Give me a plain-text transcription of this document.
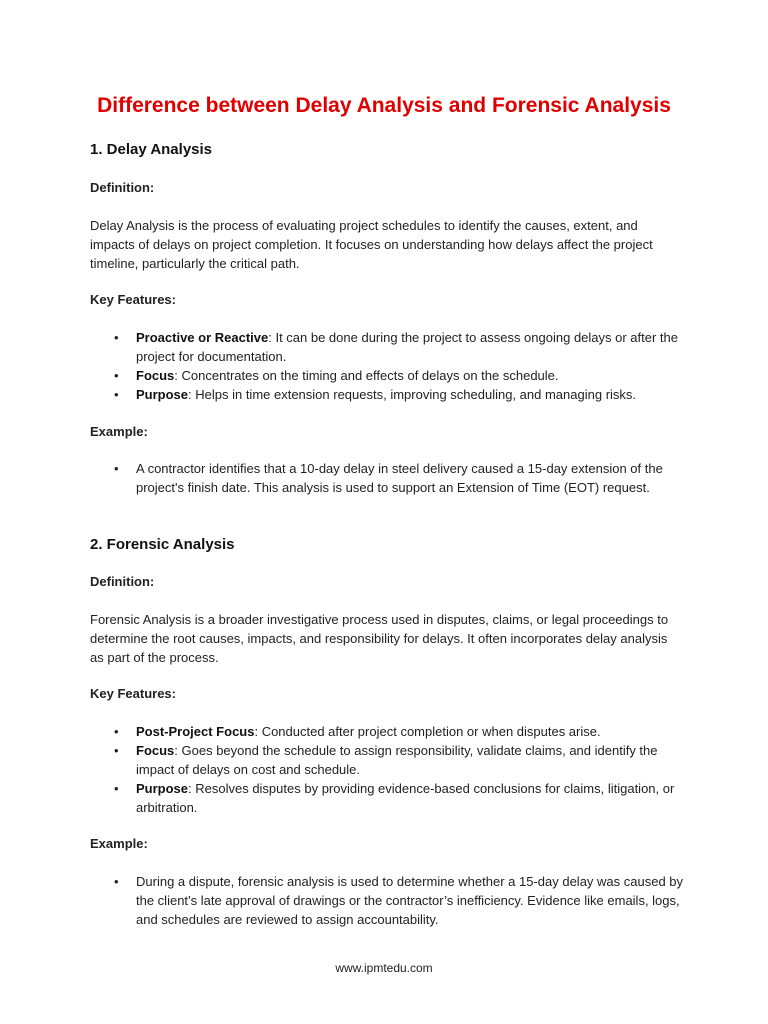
Difference between Delay Analysis and Forensic Analysis
1. Delay Analysis
Definition:
Delay Analysis is the process of evaluating project schedules to identify the causes, extent, and impacts of delays on project completion. It focuses on understanding how delays affect the project timeline, particularly the critical path.
Key Features:
• Proactive or Reactive: It can be done during the project to assess ongoing delays or after the project for documentation.
• Focus: Concentrates on the timing and effects of delays on the schedule.
• Purpose: Helps in time extension requests, improving scheduling, and managing risks.
Example:
• A contractor identifies that a 10-day delay in steel delivery caused a 15-day extension of the project's finish date. This analysis is used to support an Extension of Time (EOT) request.
2. Forensic Analysis
Definition:
Forensic Analysis is a broader investigative process used in disputes, claims, or legal proceedings to determine the root causes, impacts, and responsibility for delays. It often incorporates delay analysis as part of the process.
Key Features:
• Post-Project Focus: Conducted after project completion or when disputes arise.
• Focus: Goes beyond the schedule to assign responsibility, validate claims, and identify the impact of delays on cost and schedule.
• Purpose: Resolves disputes by providing evidence-based conclusions for claims, litigation, or arbitration.
Example:
• During a dispute, forensic analysis is used to determine whether a 15-day delay was caused by the client’s late approval of drawings or the contractor’s inefficiency. Evidence like emails, logs, and schedules are reviewed to assign accountability.
www.ipmtedu.com
